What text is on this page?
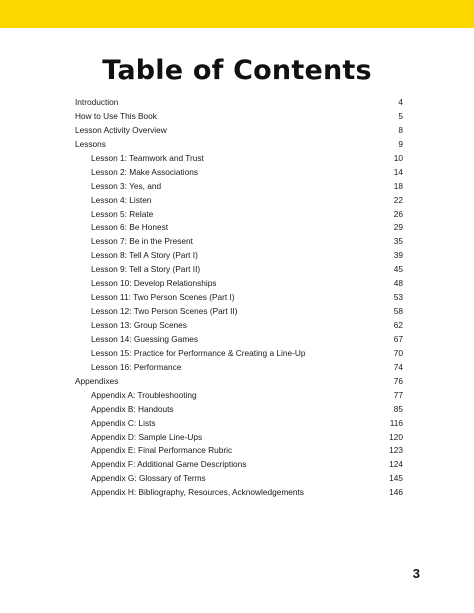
Table of Contents
Introduction	4
How to Use This Book	5
Lesson Activity Overview	8
Lessons	9
Lesson 1: Teamwork and Trust	10
Lesson 2: Make Associations	14
Lesson 3: Yes, and	18
Lesson 4: Listen	22
Lesson 5: Relate	26
Lesson 6: Be Honest	29
Lesson 7: Be in the Present	35
Lesson 8: Tell A Story (Part I)	39
Lesson 9: Tell a Story (Part II)	45
Lesson 10: Develop Relationships	48
Lesson 11: Two Person Scenes (Part I)	53
Lesson 12: Two Person Scenes (Part II)	58
Lesson 13: Group Scenes	62
Lesson 14: Guessing Games	67
Lesson 15: Practice for Performance & Creating a Line-Up	70
Lesson 16: Performance	74
Appendixes	76
Appendix A: Troubleshooting	77
Appendix B: Handouts	85
Appendix C: Lists	116
Appendix D: Sample Line-Ups	120
Appendix E: Final Performance Rubric	123
Appendix F: Additional Game Descriptions	124
Appendix G: Glossary of Terms	145
Appendix H: Bibliography, Resources, Acknowledgements	146
3
